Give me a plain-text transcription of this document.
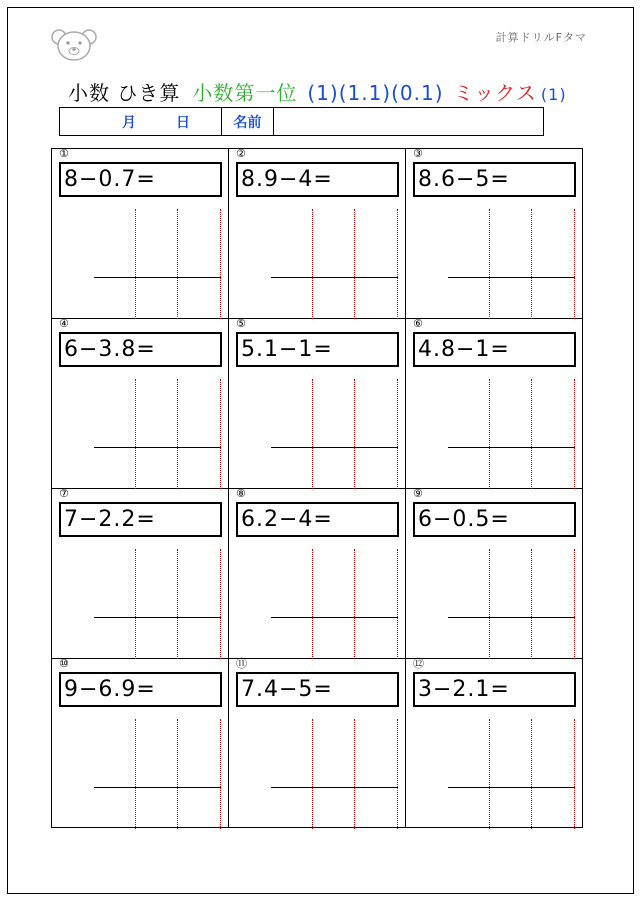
計算ドリルFタマ
小数 ひき算 小数第一位 (1)(1.1)(0.1) ミックス (1)
月	日	名前
①
8−0.7=
②
8.9−4=
③
8.6−5=
④
6−3.8=
⑤
5.1−1=
⑥
4.8−1=
⑦
7−2.2=
⑧
6.2−4=
⑨
6−0.5=
⑩
9−6.9=
⑪
7.4−5=
⑫
3−2.1=
